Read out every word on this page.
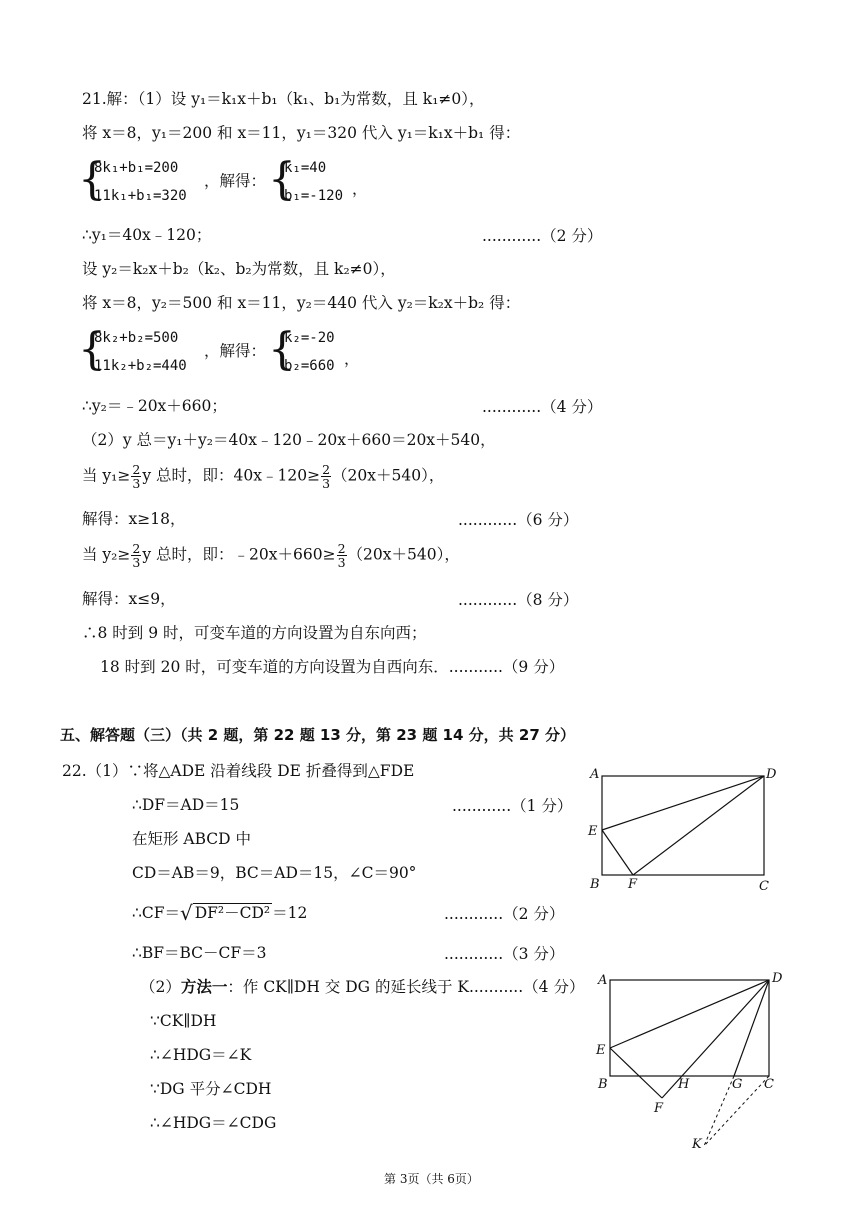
21.解：（1）设 y₁＝k₁x＋b₁（k₁、b₁为常数，且 k₁≠0），
将 x＝8，y₁＝200 和 x＝11，y₁＝320 代入 y₁＝k₁x＋b₁ 得：
{
8k₁+b₁=200
11k₁+b₁=320
，解得： {
k₁=40
b₁=-120 ，
∴y₁＝40x﹣120；	............（2 分）
设 y₂＝k₂x＋b₂（k₂、b₂为常数，且 k₂≠0），
将 x＝8，y₂＝500 和 x＝11，y₂＝440 代入 y₂＝k₂x＋b₂ 得：
{
8k₂+b₂=500
11k₂+b₂=440
，解得： {
k₂=-20
b₂=660 ，
∴y₂＝﹣20x＋660；	............（4 分）
（2）y 总＝y₁＋y₂＝40x﹣120﹣20x＋660＝20x＋540，
当 $y_1\ge \frac{2}{3}$ y 总时，即：40x﹣120≥ $\frac{2}{3} (20x+540)$，
解得：x≥18，	............（6 分）
当 $y_2\ge \frac{2}{3}$ y 总时，即：﹣20x＋660≥ $\frac{2}{3} (20x+540)$，
解得：x≤9，	............（8 分）
∴8 时到 9 时，可变车道的方向设置为自东向西；
18 时到 20 时，可变车道的方向设置为自西向东．...........（9 分）
五、解答题（三）（共 2 题，第 22 题 13 分，第 23 题 14 分，共 27 分）
22.（1）∵将△ADE 沿着线段 DE 折叠得到△FDE
∴DF＝AD＝15	............（1 分）
在矩形 ABCD 中
CD＝AB＝9，BC＝AD＝15，∠C＝90°
∴CF＝√ DF²－CD² ＝12	............（2 分）
∴BF＝BC－CF＝3	............（3 分）
（2）方法一：作 CK∥DH 交 DG 的延长线于 K...........（4 分）
∵CK∥DH
∴∠HDG＝∠K
∵DG 平分∠CDH
∴∠HDG＝∠CDG
A	D
E
B F	C
A	D
E
B	H	G C
F
K
第 3页（共 6页）
